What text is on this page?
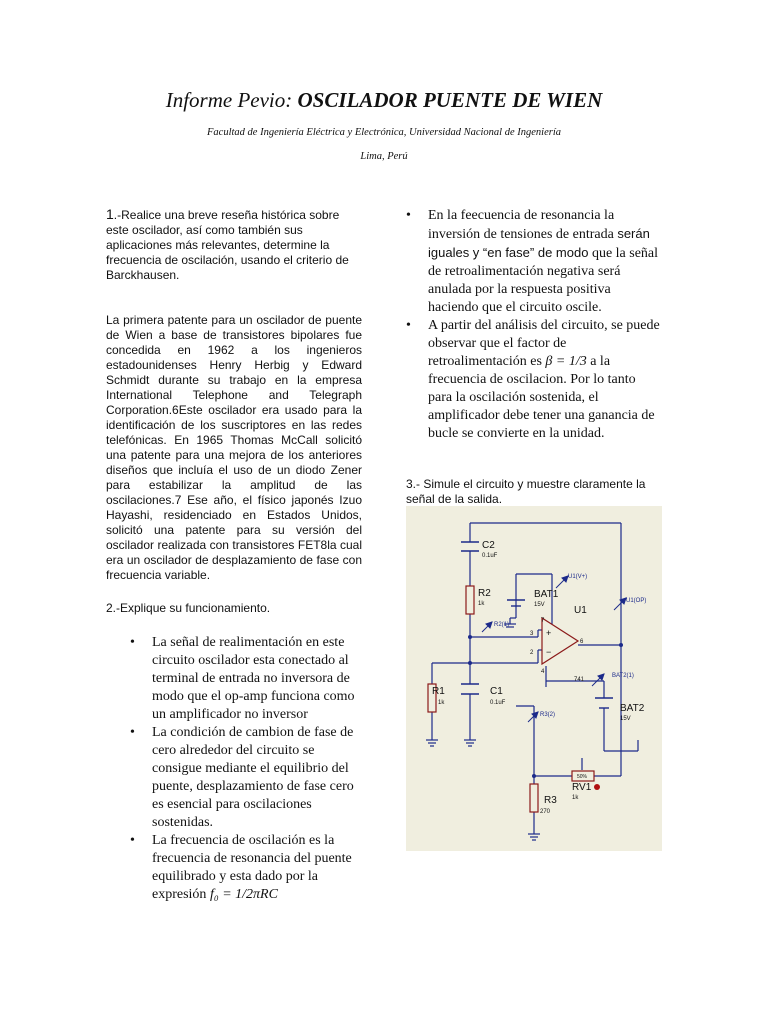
Informe Pevio: OSCILADOR PUENTE DE WIEN
Facultad de Ingeniería Eléctrica y Electrónica, Universidad Nacional de Ingeniería
Lima, Perú

1.-Realice una breve reseña histórica sobre este oscilador, así como también sus aplicaciones más relevantes, determine la frecuencia de oscilación, usando el criterio de Barckhausen.

La primera patente para un oscilador de puente de Wien a base de transistores bipolares fue concedida en 1962 a los ingenieros estadounidenses Henry Herbig y Edward Schmidt durante su trabajo en la empresa International Telephone and Telegraph Corporation.6Este oscilador era usado para la identificación de los suscriptores en las redes telefónicas. En 1965 Thomas McCall solicitó una patente para una mejora de los anteriores diseños que incluía el uso de un diodo Zener para estabilizar la amplitud de las oscilaciones.7 Ese año, el físico japonés Izuo Hayashi, residenciado en Estados Unidos, solicitó una patente para su versión del oscilador realizada con transistores FET8la cual era un oscilador de desplazamiento de fase con frecuencia variable.

2.-Explique su funcionamiento.

• La señal de realimentación en este circuito oscilador esta conectado al terminal de entrada no inversora de modo que el op-amp funciona como un amplificador no inversor
• La condición de cambion de fase de cero alrededor del circuito se consigue mediante el equilibrio del puente, desplazamiento de fase cero es esencial para oscilaciones sostenidas.
• La frecuencia de oscilación es la frecuencia de resonancia del puente equilibrado y esta dado por la expresión f₀ = 1/2πRC
• En la feecuencia de resonancia la inversión de tensiones de entrada serán iguales y “en fase” de modo que la señal de retroalimentación negativa será anulada por la respuesta positiva haciendo que el circuito oscile.
• A partir del análisis del circuito, se puede observar que el factor de retroalimentación es β = 1/3 a la frecuencia de oscilacion. Por lo tanto para la oscilación sostenida, el amplificador debe tener una ganancia de bucle se convierte en la unidad.
3.- Simule el circuito y muestre claramente la señal de la salida.
C2
0.1uF
R2
1k
BAT1
15V	U1
741
R1
1k
C1
0.1uF	BAT2
15V
R3
270
RV1
1k
50%
3
2
6
7
4
U1(V+)
U1(OP)
R2(1)
BAT2(1)
R3(2)
+
−
